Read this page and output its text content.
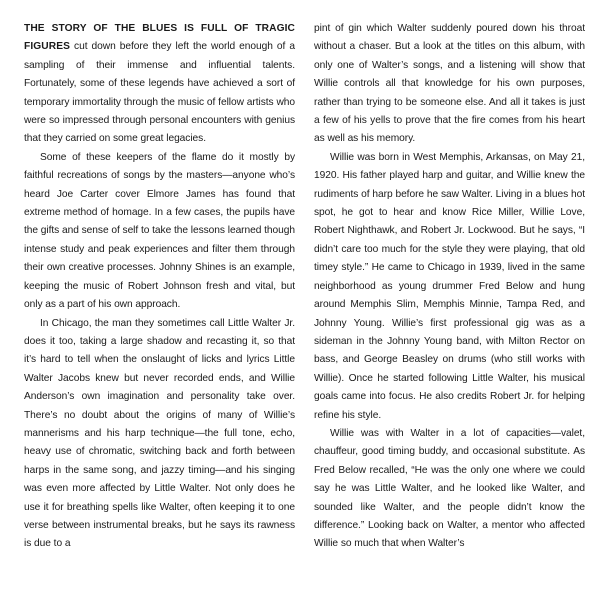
THE STORY OF THE BLUES IS FULL OF TRAGIC FIGURES cut down before they left the world enough of a sampling of their immense and influential talents. Fortunately, some of these legends have achieved a sort of temporary immortality through the music of fellow artists who were so impressed through personal encounters with genius that they carried on some great legacies.

Some of these keepers of the flame do it mostly by faithful recreations of songs by the masters—anyone who’s heard Joe Carter cover Elmore James has found that extreme method of homage. In a few cases, the pupils have the gifts and sense of self to take the lessons learned though intense study and peak experiences and filter them through their own creative processes. Johnny Shines is an example, keeping the music of Robert Johnson fresh and vital, but only as a part of his own approach.

In Chicago, the man they sometimes call Little Walter Jr. does it too, taking a large shadow and recasting it, so that it’s hard to tell when the onslaught of licks and lyrics Little Walter Jacobs knew but never recorded ends, and Willie Anderson’s own imagination and personality take over. There’s no doubt about the origins of many of Willie’s mannerisms and his harp technique—the full tone, echo, heavy use of chromatic, switching back and forth between harps in the same song, and jazzy timing—and his singing was even more affected by Little Walter. Not only does he use it for breathing spells like Walter, often keeping it to one verse between instrumental breaks, but he says its rawness is due to a

pint of gin which Walter suddenly poured down his throat without a chaser. But a look at the titles on this album, with only one of Walter’s songs, and a listening will show that Willie controls all that knowledge for his own purposes, rather than trying to be someone else. And all it takes is just a few of his yells to prove that the fire comes from his heart as well as his memory.

Willie was born in West Memphis, Arkansas, on May 21, 1920. His father played harp and guitar, and Willie knew the rudiments of harp before he saw Walter. Living in a blues hot spot, he got to hear and know Rice Miller, Willie Love, Robert Nighthawk, and Robert Jr. Lockwood. But he says, “I didn’t care too much for the style they were playing, that old timey style.” He came to Chicago in 1939, lived in the same neighborhood as young drummer Fred Below and hung around Memphis Slim, Memphis Minnie, Tampa Red, and Johnny Young. Willie’s first professional gig was as a sideman in the Johnny Young band, with Milton Rector on bass, and George Beasley on drums (who still works with Willie). Once he started following Little Walter, his musical goals came into focus. He also credits Robert Jr. for helping refine his style.

Willie was with Walter in a lot of capacities—valet, chauffeur, good timing buddy, and occasional substitute. As Fred Below recalled, “He was the only one where we could say he was Little Walter, and he looked like Walter, and sounded like Walter, and the people didn’t know the difference.” Looking back on Walter, a mentor who affected Willie so much that when Walter’s
